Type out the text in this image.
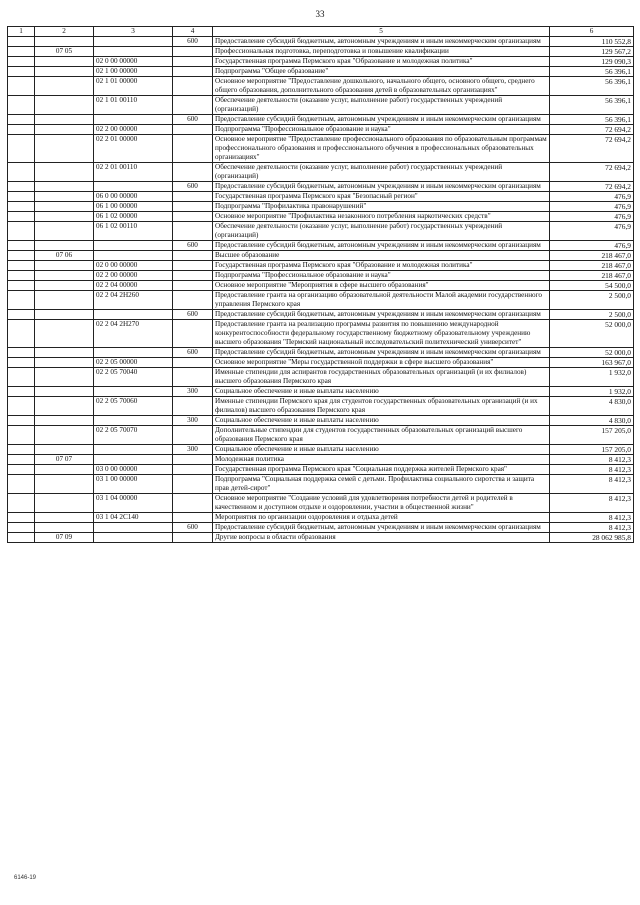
33
1	2	3	4	5	6
			600	Предоставление субсидий бюджетным, автономным учреждениям и иным некоммерческим организациям	110 552,8
	07 05			Профессиональная подготовка, переподготовка и повышение квалификации	129 567,2
		02 0 00 00000		Государственная программа Пермского края "Образование и молодежная политика"	129 090,3
		02 1 00 00000		Подпрограмма "Общее образование"	56 396,1
		02 1 01 00000		Основное мероприятие "Предоставление дошкольного, начального общего, основного общего, среднего общего образования, дополнительного образования детей в образовательных организациях"	56 396,1
		02 1 01 00110		Обеспечение деятельности (оказание услуг, выполнение работ) государственных учреждений (организаций)	56 396,1
			600	Предоставление субсидий бюджетным, автономным учреждениям и иным некоммерческим организациям	56 396,1
		02 2 00 00000		Подпрограмма "Профессиональное образование и наука"	72 694,2
		02 2 01 00000		Основное мероприятие "Предоставление профессионального образования по образовательным программам профессионального образования и профессионального обучения в профессиональных образовательных организациях"	72 694,2
		02 2 01 00110		Обеспечение деятельности (оказание услуг, выполнение работ) государственных учреждений (организаций)	72 694,2
			600	Предоставление субсидий бюджетным, автономным учреждениям и иным некоммерческим организациям	72 694,2
		06 0 00 00000		Государственная программа Пермского края "Безопасный регион"	476,9
		06 1 00 00000		Подпрограмма "Профилактика правонарушений"	476,9
		06 1 02 00000		Основное мероприятие "Профилактика незаконного потребления наркотических средств"	476,9
		06 1 02 00110		Обеспечение деятельности (оказание услуг, выполнение работ) государственных учреждений (организаций)	476,9
			600	Предоставление субсидий бюджетным, автономным учреждениям и иным некоммерческим организациям	476,9
	07 06			Высшее образование	218 467,0
		02 0 00 00000		Государственная программа Пермского края "Образование и молодежная политика"	218 467,0
		02 2 00 00000		Подпрограмма "Профессиональное образование и наука"	218 467,0
		02 2 04 00000		Основное мероприятие "Мероприятия в сфере высшего образования"	54 500,0
		02 2 04 2Н260		Предоставление гранта на организацию образовательной деятельности Малой академии государственного управления Пермского края	2 500,0
			600	Предоставление субсидий бюджетным, автономным учреждениям и иным некоммерческим организациям	2 500,0
		02 2 04 2Н270		Предоставление гранта на реализацию программы развития по повышению международной конкурентоспособности федеральному государственному бюджетному образовательному учреждению высшего образования "Пермский национальный исследовательский политехнический университет"	52 000,0
			600	Предоставление субсидий бюджетным, автономным учреждениям и иным некоммерческим организациям	52 000,0
		02 2 05 00000		Основное мероприятие "Меры государственной поддержки в сфере высшего образования"	163 967,0
		02 2 05 70040		Именные стипендии для аспирантов государственных образовательных организаций (и их филиалов) высшего образования Пермского края	1 932,0
			300	Социальное обеспечение и иные выплаты населению	1 932,0
		02 2 05 70060		Именные стипендии Пермского края для студентов государственных образовательных организаций (и их филиалов) высшего образования Пермского края	4 830,0
			300	Социальное обеспечение и иные выплаты населению	4 830,0
		02 2 05 70070		Дополнительные стипендии для студентов государственных образовательных организаций высшего образования Пермского края	157 205,0
			300	Социальное обеспечение и иные выплаты населению	157 205,0
	07 07			Молодежная политика	8 412,3
		03 0 00 00000		Государственная программа Пермского края "Социальная поддержка жителей Пермского края"	8 412,3
		03 1 00 00000		Подпрограмма "Социальная поддержка семей с детьми. Профилактика социального сиротства и защита прав детей-сирот"	8 412,3
		03 1 04 00000		Основное мероприятие "Создание условий для удовлетворения потребности детей и родителей в качественном и доступном отдыхе и оздоровлении, участии в общественной жизни"	8 412,3
		03 1 04 2С140		Мероприятия по организации оздоровления и отдыха детей	8 412,3
			600	Предоставление субсидий бюджетным, автономным учреждениям и иным некоммерческим организациям	8 412,3
	07 09			Другие вопросы в области образования	28 062 985,8
6146-19
